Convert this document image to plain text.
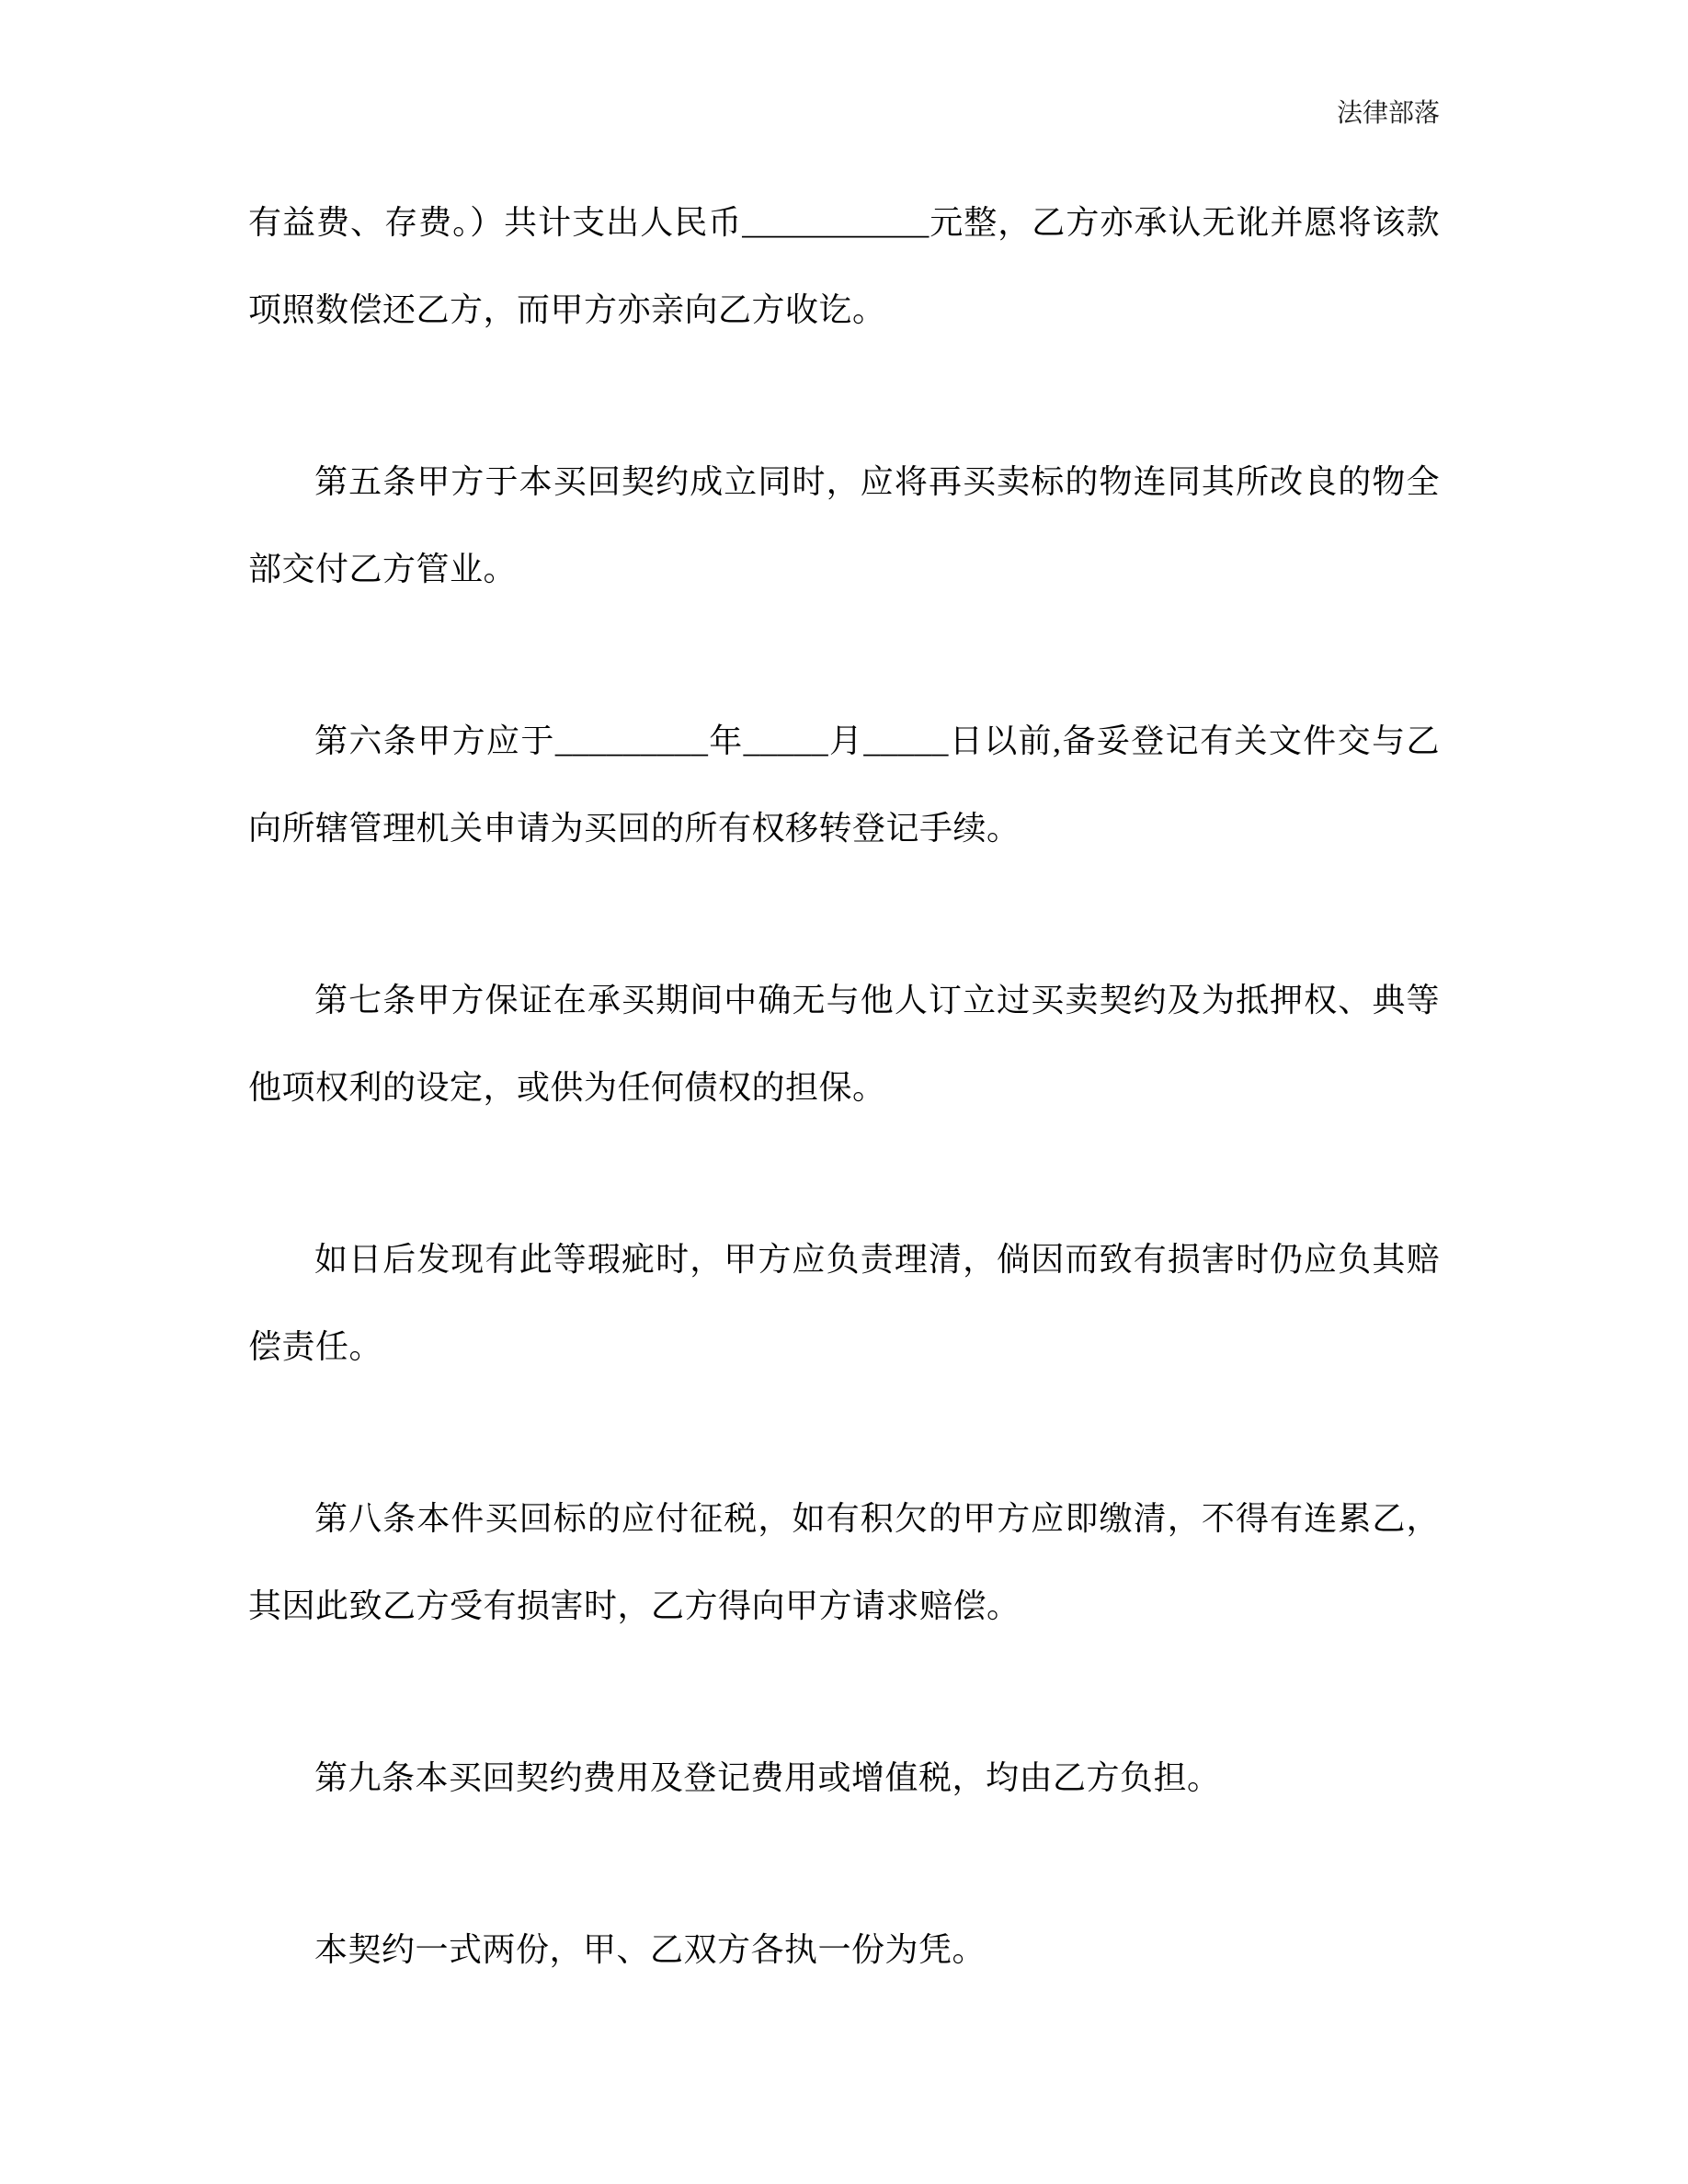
法律部落

有益费、存费。）共计支出人民币___________元整，乙方亦承认无讹并愿将该款项照数偿还乙方，而甲方亦亲向乙方收讫。

第五条甲方于本买回契约成立同时，应将再买卖标的物连同其所改良的物全部交付乙方管业。

第六条甲方应于_________年_____月_____日以前,备妥登记有关文件交与乙向所辖管理机关申请为买回的所有权移转登记手续。

第七条甲方保证在承买期间中确无与他人订立过买卖契约及为抵押权、典等他项权利的设定，或供为任何债权的担保。

如日后发现有此等瑕疵时，甲方应负责理清，倘因而致有损害时仍应负其赔偿责任。

第八条本件买回标的应付征税，如有积欠的甲方应即缴清，不得有连累乙，其因此致乙方受有损害时，乙方得向甲方请求赔偿。

第九条本买回契约费用及登记费用或增值税，均由乙方负担。

本契约一式两份，甲、乙双方各执一份为凭。
